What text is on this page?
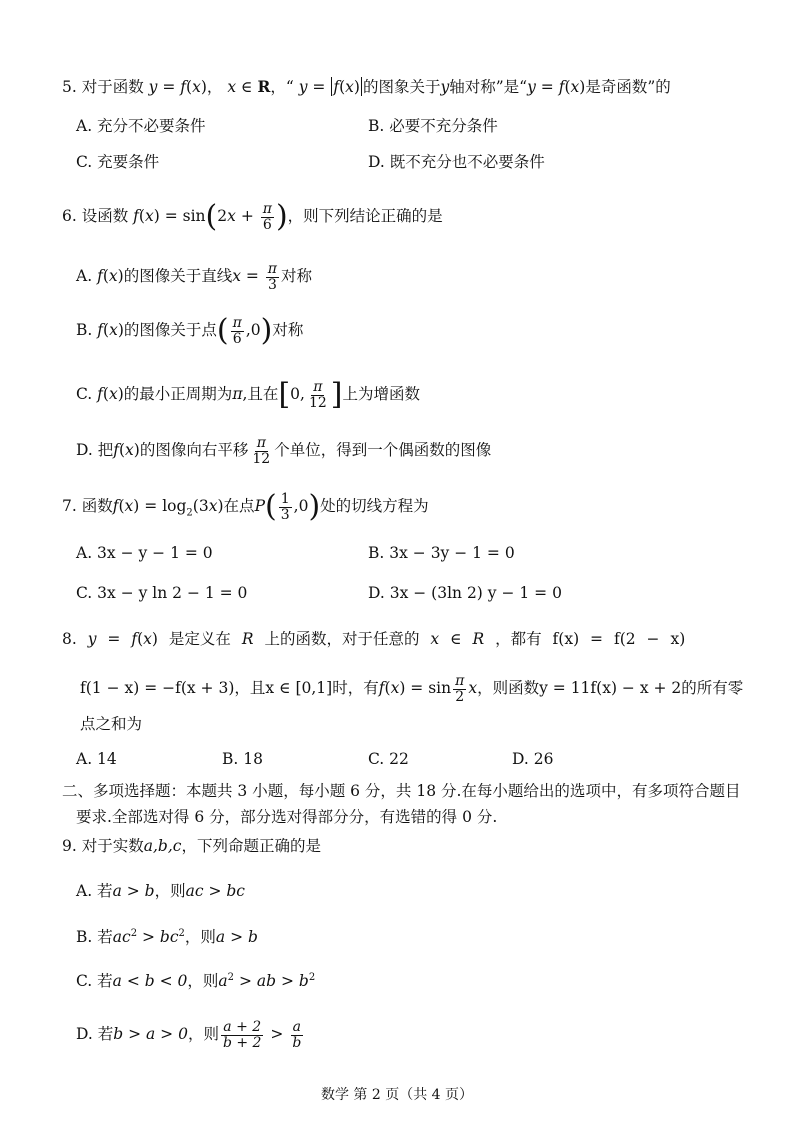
5. 对于函数 y = f(x)， x ∈ R，“ y = f(x) 的图象关于y轴对称”是“y = f(x)是奇函数”的
A. 充分不必要条件	B. 必要不充分条件
C. 充要条件	D. 既不充分也不必要条件
6. 设函数 $f(x) = \sin(2x + \frac{\pi}{6}$ )，则下列结论正确的是
A. f(x)的图像关于直线$x = \frac{\pi}{3}$ 对称
B. f(x)的图像关于点( $\frac{\pi}{6} ,0$)对称
C. f(x)的最小正周期为π,且在[0, $\frac{\pi}{12}$ ]上为增函数
D. 把f(x)的图像向右平移 $\frac{\pi}{12}$ 个单位，得到一个偶函数的图像
7. 函数$f(x) = \log_2(3x)$在点$P( \frac{1}{3} ,0)$处的切线方程为
A. 3x − y − 1 = 0	B. 3x − 3y − 1 = 0
C. 3x − y ln 2 − 1 = 0	D. 3x − (3ln 2) y − 1 = 0
8. y = f(x) 是定义在 R 上的函数，对于任意的 x ∈ R ，都有 f(x) = f(2 − x)
f(1 − x) = −f(x + 3)，且x ∈ [0,1]时，有$f(x) = \sin \frac{\pi}{2}$ x，则函数y = 11f(x) − x + 2的所有零
点之和为
A. 14	B. 18	C. 22	D. 26
二、多项选择题：本题共 3 小题，每小题 6 分，共 18 分.在每小题给出的选项中，有多项符合题目要求.全部选对得 6 分，部分选对得部分分，有选错的得 0 分.
9. 对于实数a,b,c，下列命题正确的是
A. 若a > b，则ac > bc
B. 若$ac^2 > bc^2$，则a > b
C. 若a < b < 0，则$a^2$ > ab > $b^2$
D. 若b > a > 0，则 $\frac{a + 2}{b + 2} > \frac{a}{b}$
数学 第 2 页（共 4 页）
